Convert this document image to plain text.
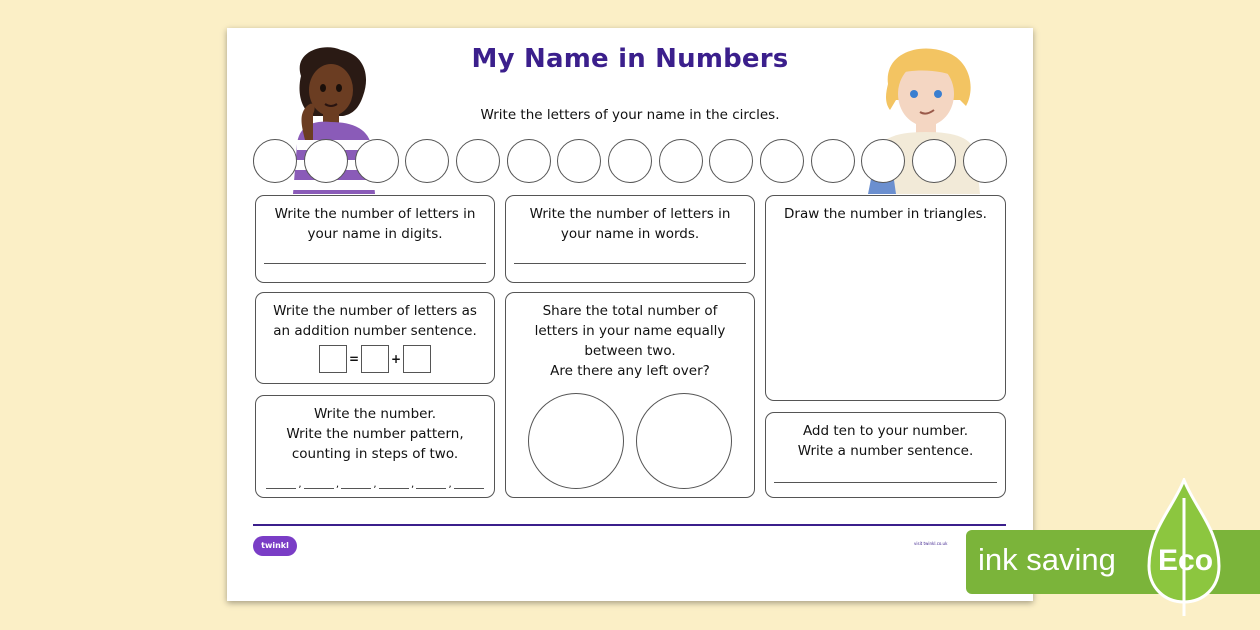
My Name in Numbers
Write the letters of your name in the circles.
Write the number of letters in your name in digits.
Write the number of letters in your name in words.
Draw the number in triangles.
Write the number of letters as an addition number sentence.
=	+
Share the total number of letters in your name equally between two.
Are there any left over?
Write the number.
Write the number pattern, counting in steps of two.
,	,	,	,	,
Add ten to your number.
Write a number sentence.
twinkl	visit twinkl.co.uk ink saving Eco
